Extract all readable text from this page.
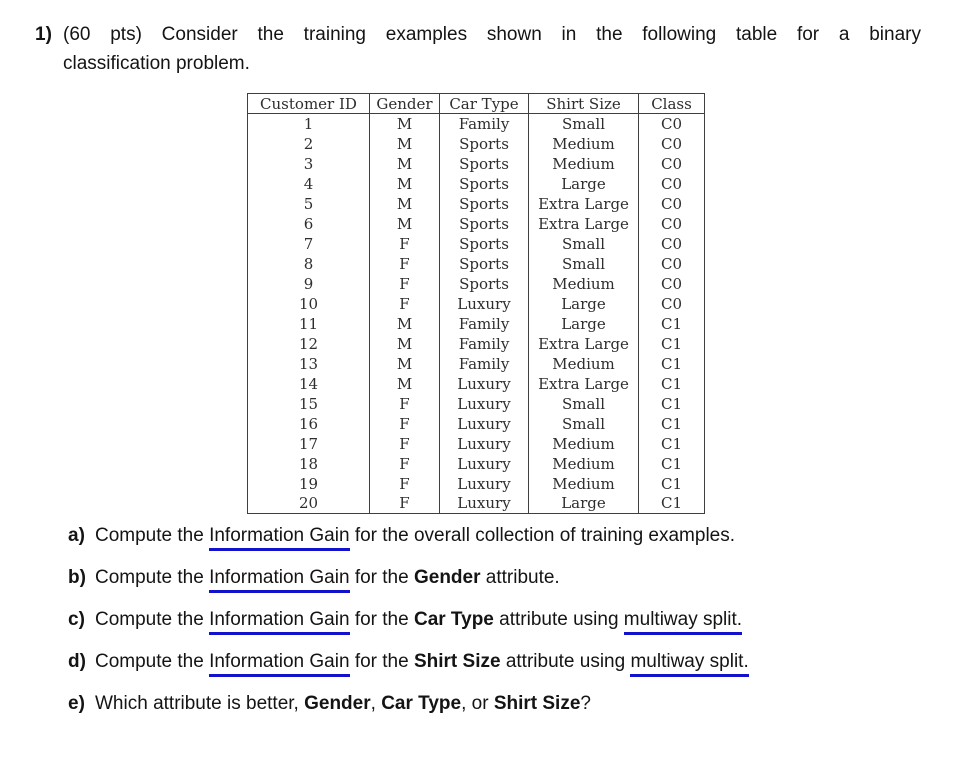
1) (60 pts) Consider the training examples shown in the following table for a binary
classification problem.
Customer ID	Gender	Car Type	Shirt Size	Class
1	M	Family	Small	C0
2	M	Sports	Medium	C0
3	M	Sports	Medium	C0
4	M	Sports	Large	C0
5	M	Sports	Extra Large	C0
6	M	Sports	Extra Large	C0
7	F	Sports	Small	C0
8	F	Sports	Small	C0
9	F	Sports	Medium	C0
10	F	Luxury	Large	C0
11	M	Family	Large	C1
12	M	Family	Extra Large	C1
13	M	Family	Medium	C1
14	M	Luxury	Extra Large	C1
15	F	Luxury	Small	C1
16	F	Luxury	Small	C1
17	F	Luxury	Medium	C1
18	F	Luxury	Medium	C1
19	F	Luxury	Medium	C1
20	F	Luxury	Large	C1
a) Compute the Information Gain for the overall collection of training examples.
b) Compute the Information Gain for the Gender attribute.
c) Compute the Information Gain for the Car Type attribute using multiway split.
d) Compute the Information Gain for the Shirt Size attribute using multiway split.
e) Which attribute is better, Gender, Car Type, or Shirt Size?
